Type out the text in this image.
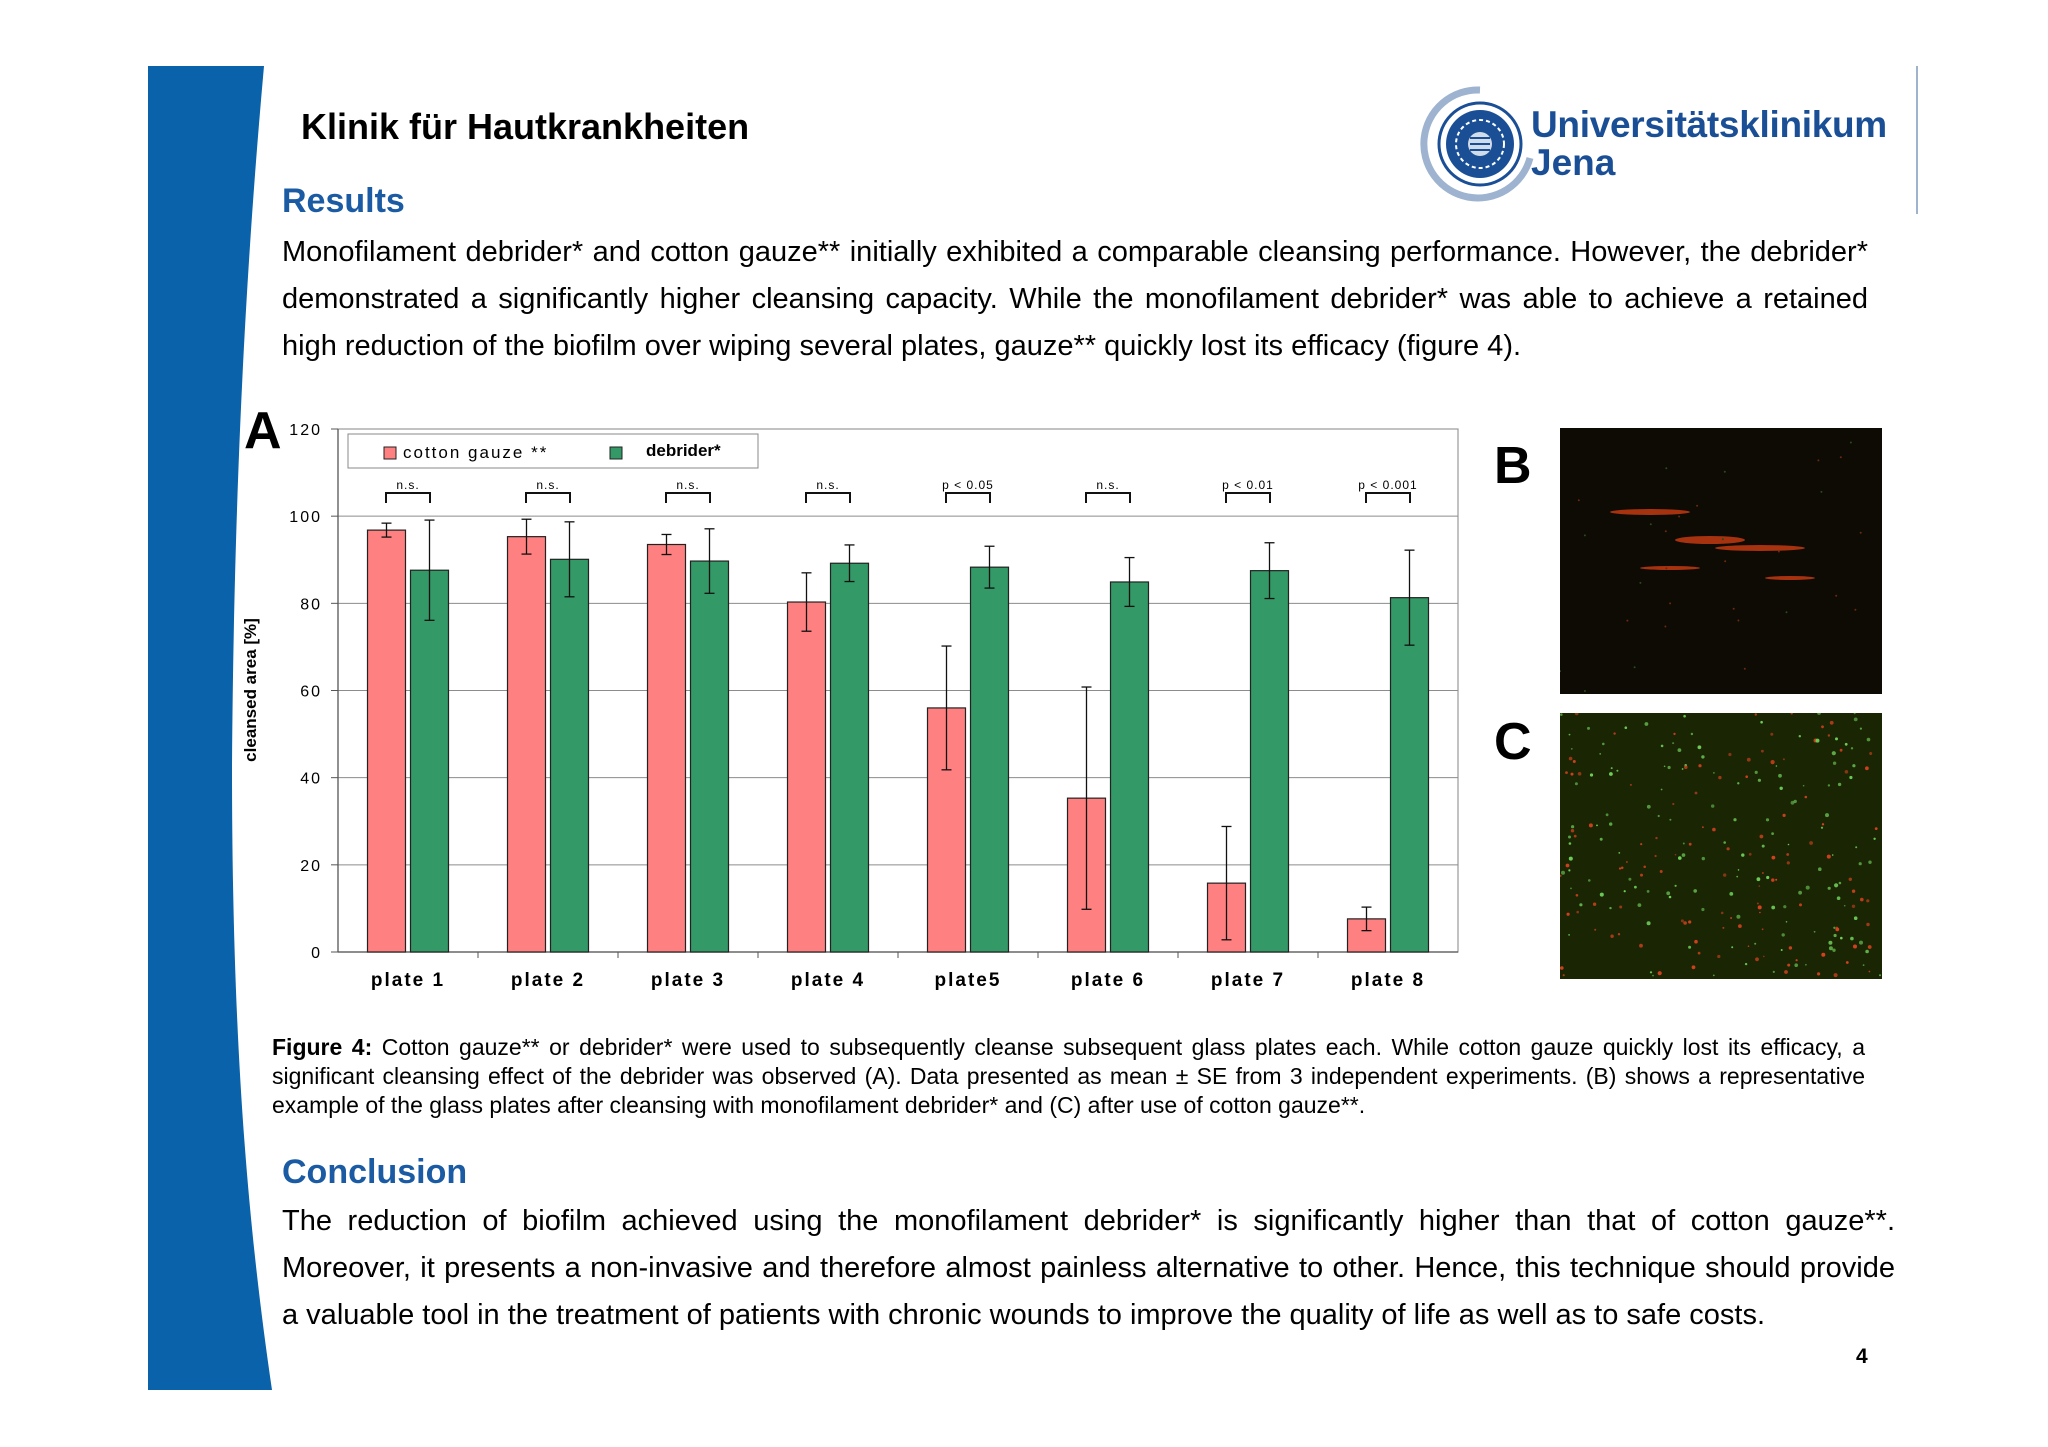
Klinik für Hautkrankheiten	Universitätsklinikum
Jena
Results

Monofilament debrider* and cotton gauze** initially exhibited a comparable cleansing performance. However, the debrider* demonstrated a significantly higher cleansing capacity. While the monofilament debrider* was able to achieve a retained high reduction of the biofilm over wiping several plates, gauze** quickly lost its efficacy (figure 4).

A
cleansed area [%]
0
20
40
60
80
100
120
plate 1
n.s.
plate 2
n.s.
plate 3
n.s.
plate 4
n.s.
plate5
p < 0.05
plate 6
n.s.
plate 7
p < 0.01
plate 8
p < 0.001
cotton gauze **	debrider*	B
C

Figure 4: Cotton gauze** or debrider* were used to subsequently cleanse subsequent glass plates each. While cotton gauze quickly lost its efficacy, a significant cleansing effect of the debrider was observed (A). Data presented as mean ± SE from 3 independent experiments. (B) shows a representative example of the glass plates after cleansing with monofilament debrider* and (C) after use of cotton gauze**.

Conclusion

The reduction of biofilm achieved using the monofilament debrider* is significantly higher than that of cotton gauze**. Moreover, it presents a non-invasive and therefore almost painless alternative to other. Hence, this technique should provide a valuable tool in the treatment of patients with chronic wounds to improve the quality of life as well as to safe costs.

4
